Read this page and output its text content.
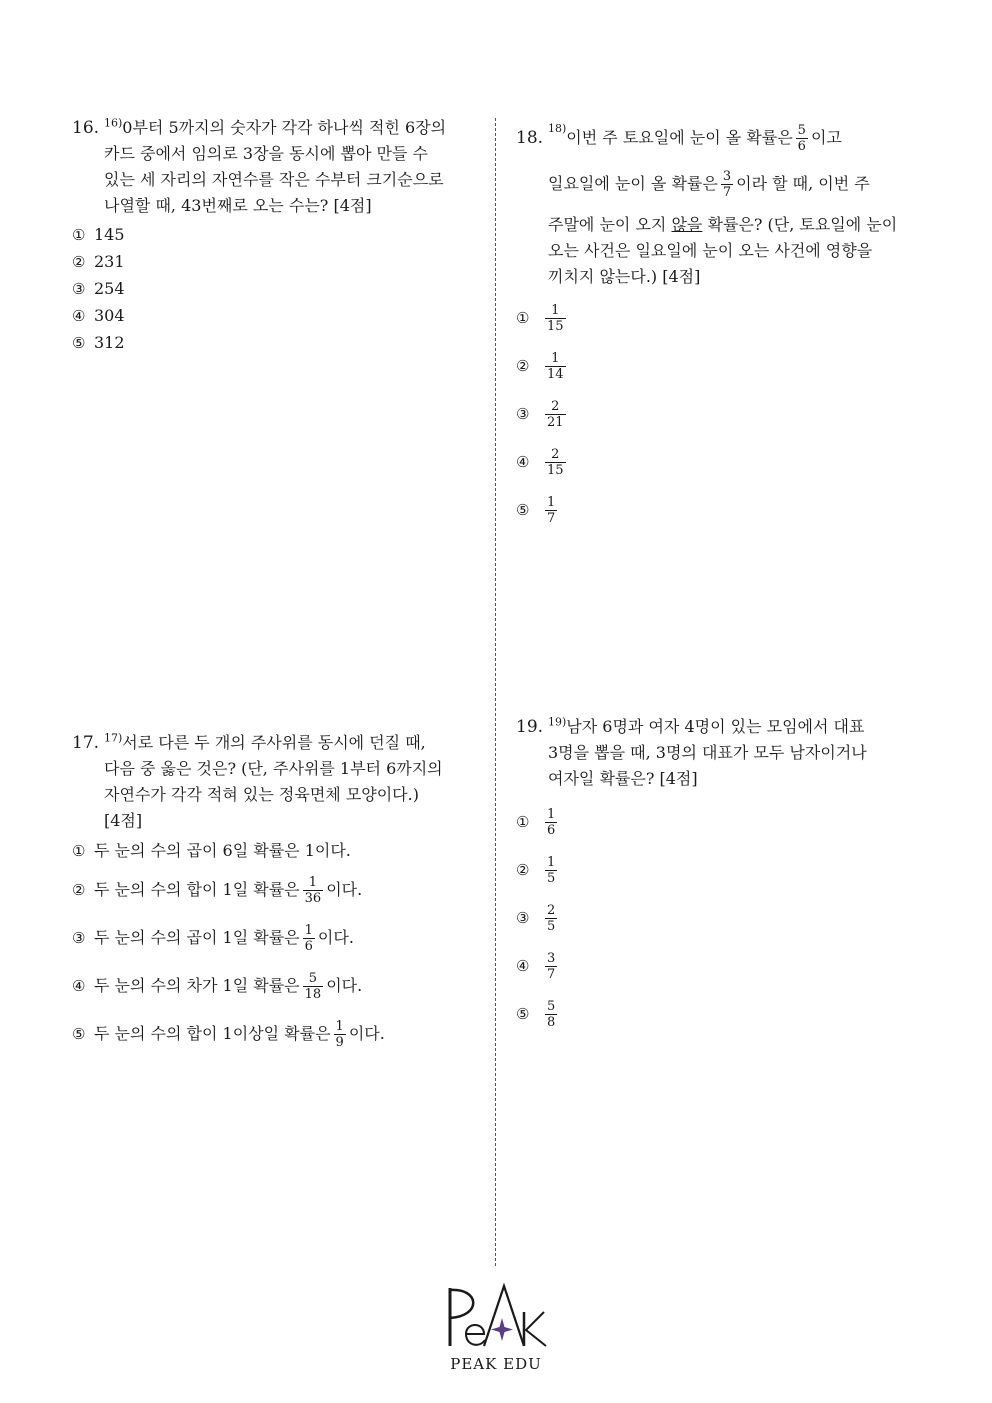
16. $^{16)}$0부터 5까지의 숫자가 각각 하나씩 적힌 6장의
카드 중에서 임의로 3장을 동시에 뽑아 만들 수
있는 세 자리의 자연수를 작은 수부터 크기순으로
나열할 때, 43번째로 오는 수는? [4점]
① 145
② 231
③ 254
④ 304
⑤ 312
17. $^{17)}$서로 다른 두 개의 주사위를 동시에 던질 때,
다음 중 옳은 것은? (단, 주사위를 1부터 6까지의
자연수가 각각 적혀 있는 정육면체 모양이다.)
[4점]
① 두 눈의 수의 곱이 6일 확률은 1이다.
② 두 눈의 수의 합이 1일 확률은 $\frac{1}{36}$ 이다.
③ 두 눈의 수의 곱이 1일 확률은 $\frac{1}{6}$ 이다.
④ 두 눈의 수의 차가 1일 확률은 $\frac{5}{18}$ 이다.
⑤ 두 눈의 수의 합이 1이상일 확률은 $\frac{1}{9}$ 이다.
18. 18) 이번 주 토요일에 눈이 올 확률은 $\frac{5}{6}$ 이고
일요일에 눈이 올 확률은 $\frac{3}{7}$ 이라 할 때, 이번 주
주말에 눈이 오지 않을 확률은? (단, 토요일에 눈이
오는 사건은 일요일에 눈이 오는 사건에 영향을
끼치지 않는다.) [4점]
①	$\frac{1}{15}$
②	$\frac{1}{14}$
③	$\frac{2}{21}$
④	$\frac{2}{15}$
⑤	$\frac{1}{7}$
19. $^{19)}$남자 6명과 여자 4명이 있는 모임에서 대표
3명을 뽑을 때, 3명의 대표가 모두 남자이거나
여자일 확률은? [4점]
①	$\frac{1}{6}$
②	$\frac{1}{5}$
③	$\frac{2}{5}$
④	$\frac{3}{7}$
⑤	$\frac{5}{8}$
PEAK EDU
